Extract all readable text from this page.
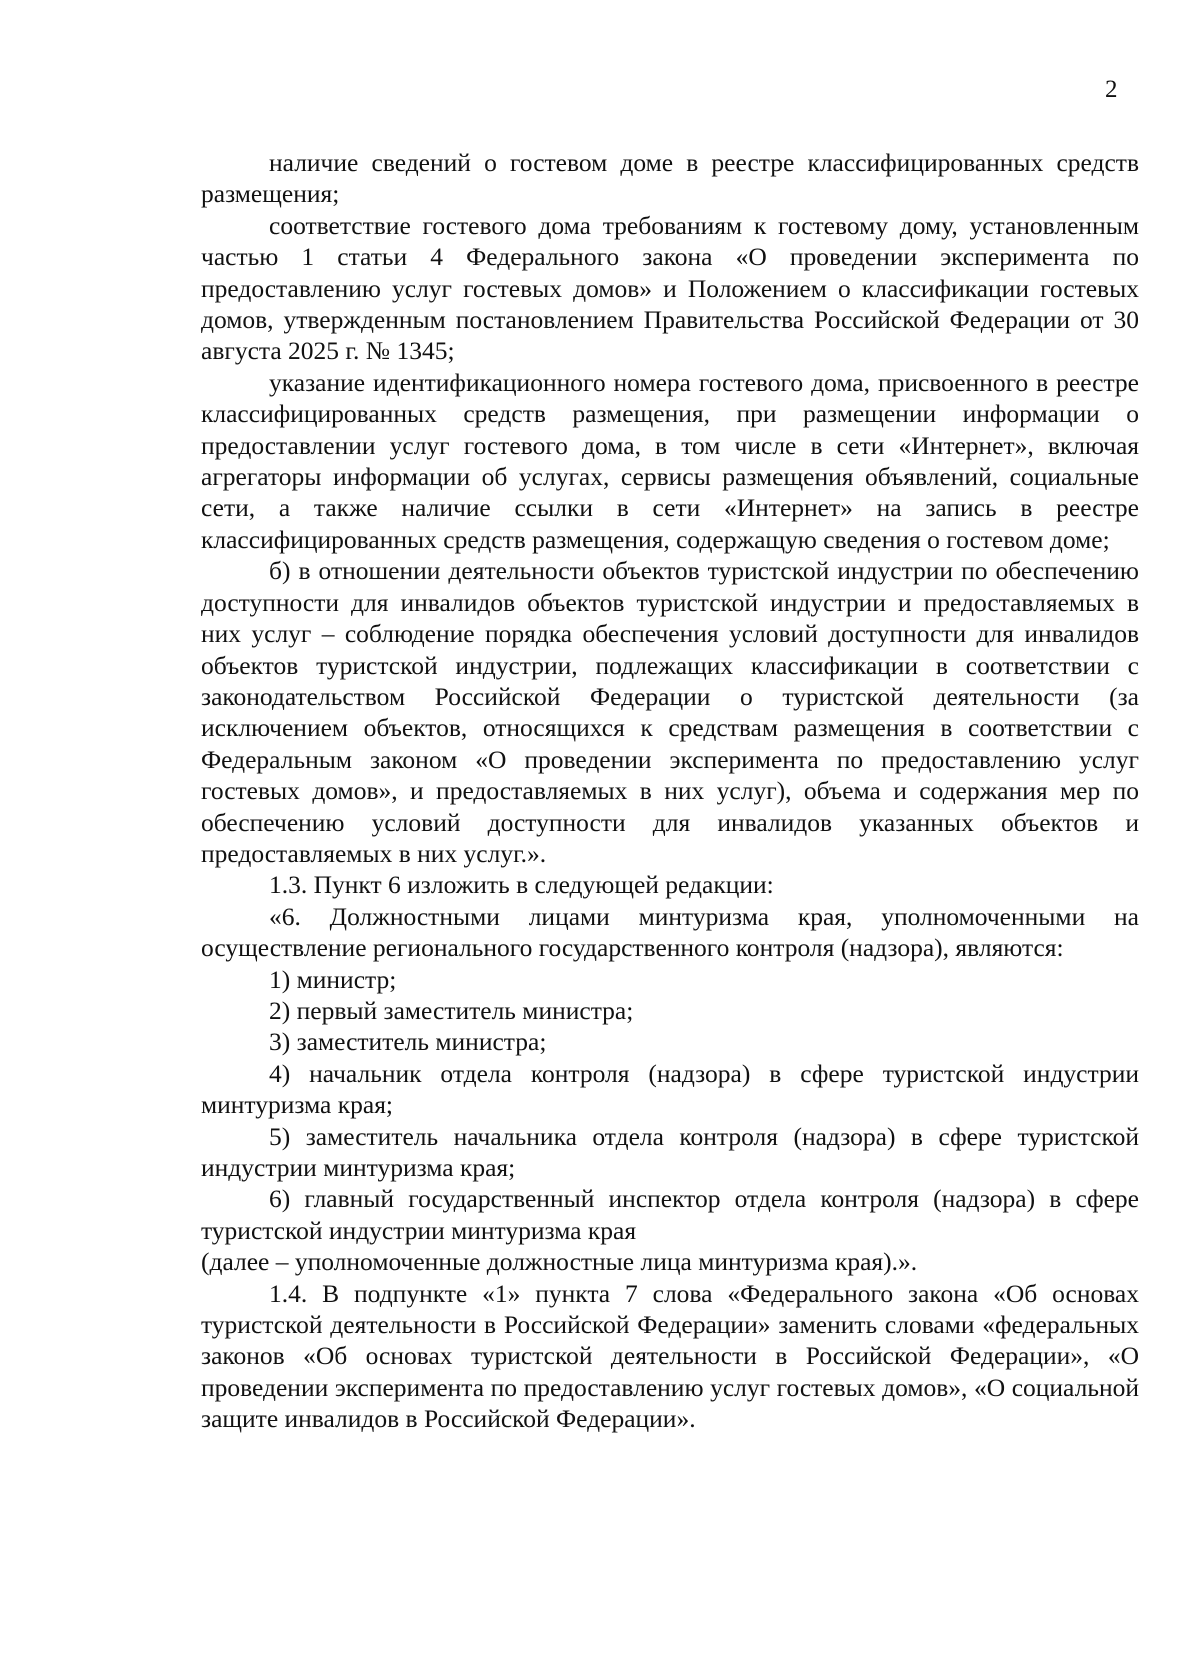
2

наличие сведений о гостевом доме в реестре классифицированных средств размещения;

соответствие гостевого дома требованиям к гостевому дому, установленным частью 1 статьи 4 Федерального закона «О проведении эксперимента по предоставлению услуг гостевых домов» и Положением о классификации гостевых домов, утвержденным постановлением Правительства Российской Федерации от 30 августа 2025 г. № 1345;

указание идентификационного номера гостевого дома, присвоенного в реестре классифицированных средств размещения, при размещении информации о предоставлении услуг гостевого дома, в том числе в сети «Интернет», включая агрегаторы информации об услугах, сервисы размещения объявлений, социальные сети, а также наличие ссылки в сети «Интернет» на запись в реестре классифицированных средств размещения, содержащую сведения о гостевом доме;

б) в отношении деятельности объектов туристской индустрии по обеспечению доступности для инвалидов объектов туристской индустрии и предоставляемых в них услуг – соблюдение порядка обеспечения условий доступности для инвалидов объектов туристской индустрии, подлежащих классификации в соответствии с законодательством Российской Федерации о туристской деятельности (за исключением объектов, относящихся к средствам размещения в соответствии с Федеральным законом «О проведении эксперимента по предоставлению услуг гостевых домов», и предоставляемых в них услуг), объема и содержания мер по обеспечению условий доступности для инвалидов указанных объектов и предоставляемых в них услуг.».

1.3. Пункт 6 изложить в следующей редакции:

«6. Должностными лицами минтуризма края, уполномоченными на осуществление регионального государственного контроля (надзора), являются:

1) министр;

2) первый заместитель министра;

3) заместитель министра;

4) начальник отдела контроля (надзора) в сфере туристской индустрии минтуризма края;

5) заместитель начальника отдела контроля (надзора) в сфере туристской индустрии минтуризма края;

6) главный государственный инспектор отдела контроля (надзора) в сфере туристской индустрии минтуризма края

(далее – уполномоченные должностные лица минтуризма края).».

1.4. В подпункте «1» пункта 7 слова «Федерального закона «Об основах туристской деятельности в Российской Федерации» заменить словами «федеральных законов «Об основах туристской деятельности в Российской Федерации», «О проведении эксперимента по предоставлению услуг гостевых домов», «О социальной защите инвалидов в Российской Федерации».
